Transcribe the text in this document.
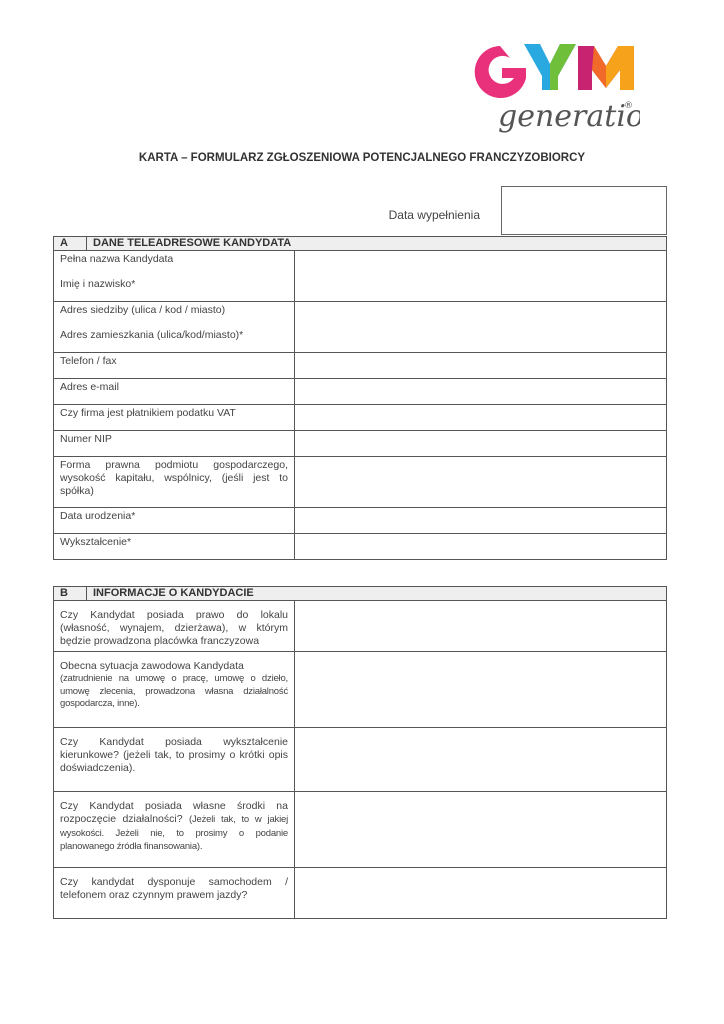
generati
®
KARTA – FORMULARZ ZGŁOSZENIOWA POTENCJALNEGO FRANCZYZOBIORCY
Data wypełnienia
A	DANE TELEADRESOWE KANDYDATA
Pełna nazwa Kandydata
Imię i nazwisko*
Adres siedziby (ulica / kod / miasto)
Adres zamieszkania (ulica/kod/miasto)*
Telefon / fax
Adres e-mail
Czy firma jest płatnikiem podatku VAT
Numer NIP
Forma prawna podmiotu gospodarczego, wysokość kapitału, wspólnicy, (jeśli jest to spółka)
Data urodzenia*
Wykształcenie*
B	INFORMACJE O KANDYDACIE
Czy Kandydat posiada prawo do lokalu (własność, wynajem, dzierżawa), w którym będzie prowadzona placówka franczyzowa
Obecna sytuacja zawodowa Kandydata
(zatrudnienie na umowę o pracę, umowę o dzieło, umowę zlecenia, prowadzona własna działalność gospodarcza, inne).
Czy Kandydat posiada wykształcenie kierunkowe? (jeżeli tak, to prosimy o krótki opis doświadczenia).
Czy Kandydat posiada własne środki na rozpoczęcie działalności? (Jeżeli tak, to w jakiej wysokości. Jeżeli nie, to prosimy o podanie planowanego źródła finansowania).
Czy kandydat dysponuje samochodem / telefonem oraz czynnym prawem jazdy?
